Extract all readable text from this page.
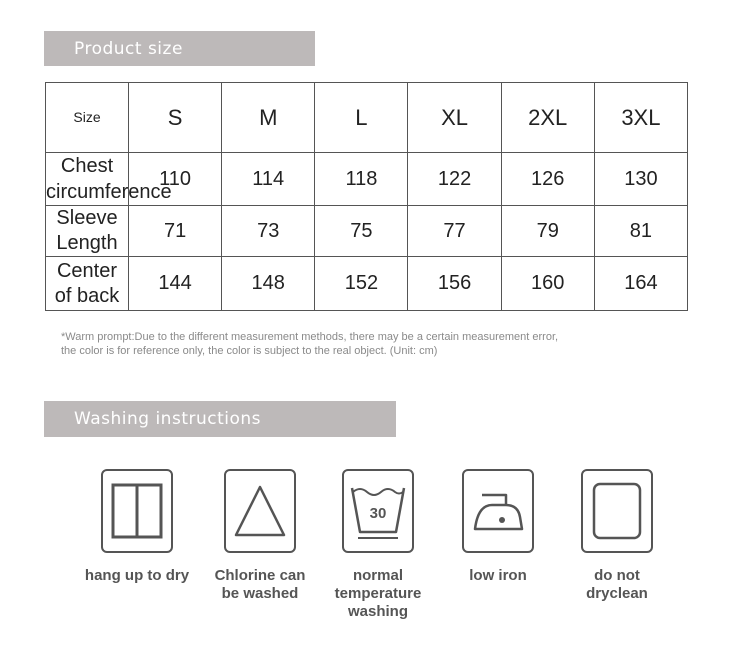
Product size
Size	S	M	L	XL	2XL	3XL

Chest
circumference	110	114	118	122	126	130

Sleeve
Length	71	73	75	77	79	81

Center
of back	144	148	152	156	160	164
*Warm prompt:Due to the different measurement methods, there may be a certain measurement error,
the color is for reference only, the color is subject to the real object. (Unit: cm)
Washing instructions
hang up to dry	Chlorine can
be washed
30
normal
temperature
washing
low iron	do not
dryclean
